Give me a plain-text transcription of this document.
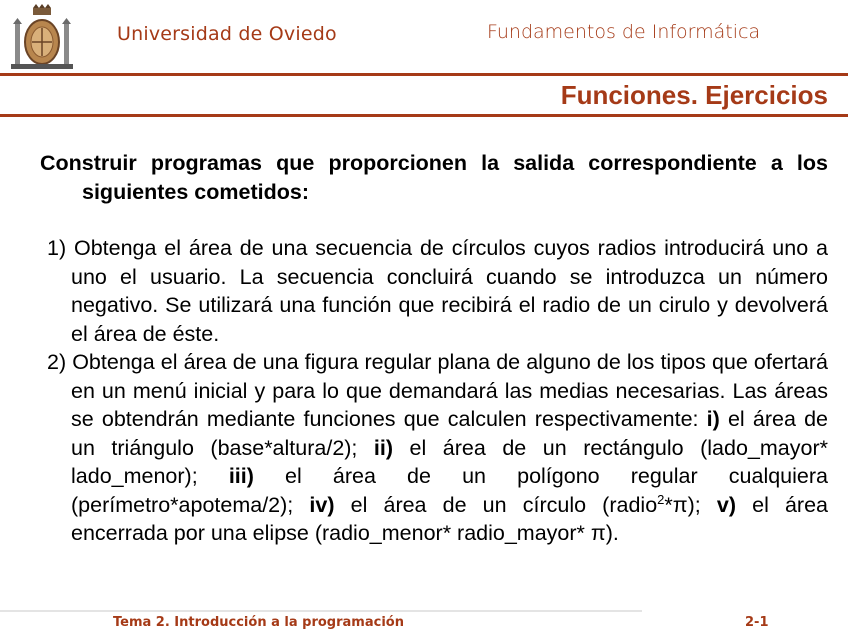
Universidad de Oviedo	Fundamentos de Informática
Funciones. Ejercicios

Construir programas que proporcionen la salida correspondiente a los siguientes cometidos:

1) Obtenga el área de una secuencia de círculos cuyos radios introducirá uno a uno el usuario. La secuencia concluirá cuando se introduzca un número negativo. Se utilizará una función que recibirá el radio de un cirulo y devolverá el área de éste.

2) Obtenga el área de una figura regular plana de alguno de los tipos que ofertará en un menú inicial y para lo que demandará las medias necesarias. Las áreas se obtendrán mediante funciones que calculen respectivamente: i) el área de un triángulo (base*altura/2); ii) el área de un rectángulo (lado_mayor* lado_menor); iii) el área de un polígono regular cualquiera (perímetro*apotema/2); iv) el área de un círculo (radio$^2$*π); v) el área encerrada por una elipse (radio_menor* radio_mayor* π).

Tema 2. Introducción a la programación	2-1
